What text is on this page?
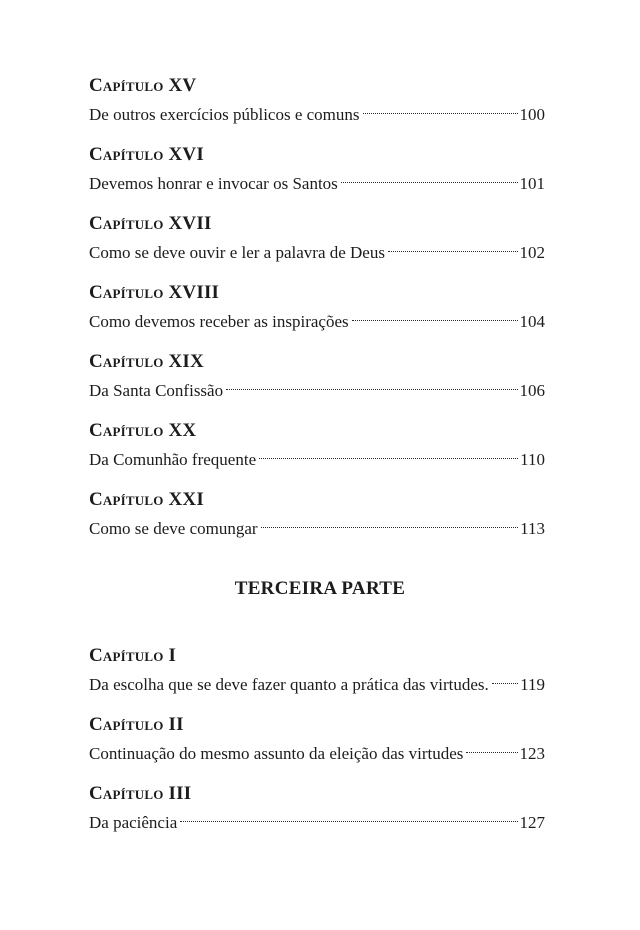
Capítulo XV
De outros exercícios públicos e comuns	100
Capítulo XVI
Devemos honrar e invocar os Santos	101
Capítulo XVII
Como se deve ouvir e ler a palavra de Deus	102
Capítulo XVIII
Como devemos receber as inspirações	104
Capítulo XIX
Da Santa Confissão	106
Capítulo XX
Da Comunhão frequente	110
Capítulo XXI
Como se deve comungar	113
TERCEIRA PARTE
Capítulo I
Da escolha que se deve fazer quanto a prática das virtudes. 119
Capítulo II
Continuação do mesmo assunto da eleição das virtudes	123
Capítulo III
Da paciência	127
